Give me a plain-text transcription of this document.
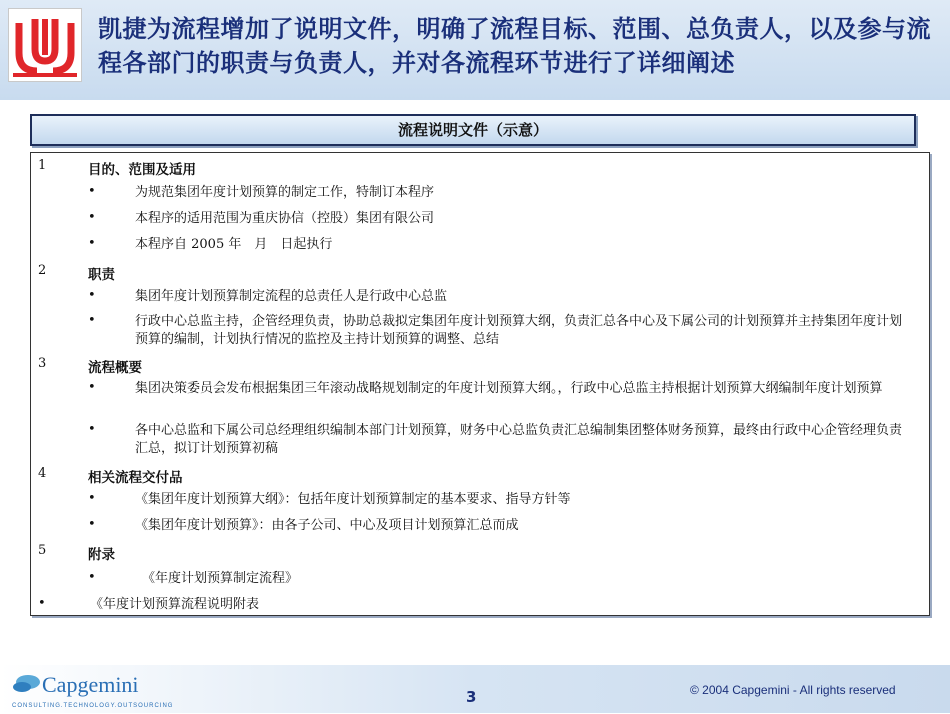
凯捷为流程增加了说明文件，明确了流程目标、范围、总负责人，以及参与流程各部门的职责与负责人，并对各流程环节进行了详细阐述
流程说明文件（示意）
1	目的、范围及适用
•	为规范集团年度计划预算的制定工作，特制订本程序
•	本程序的适用范围为重庆协信（控股）集团有限公司
•	本程序自 2005 年　月　日起执行
2	职责
•	集团年度计划预算制定流程的总责任人是行政中心总监
•	行政中心总监主持，企管经理负责，协助总裁拟定集团年度计划预算大纲，负责汇总各中心及下属公司的计划预算并主持集团年度计划预算的编制，计划执行情况的监控及主持计划预算的调整、总结
3	流程概要
•	集团决策委员会发布根据集团三年滚动战略规划制定的年度计划预算大纲。，行政中心总监主持根据计划预算大纲编制年度计划预算
•	各中心总监和下属公司总经理组织编制本部门计划预算，财务中心总监负责汇总编制集团整体财务预算，最终由行政中心企管经理负责汇总，拟订计划预算初稿
4	相关流程交付品
•	《集团年度计划预算大纲》：包括年度计划预算制定的基本要求、指导方针等
•	《集团年度计划预算》：由各子公司、中心及项目计划预算汇总而成
5	附录
•	《年度计划预算制定流程》
•	《年度计划预算流程说明附表
Capgemini
CONSULTING.TECHNOLOGY.OUTSOURCING	3	© 2004 Capgemini - All rights reserved
